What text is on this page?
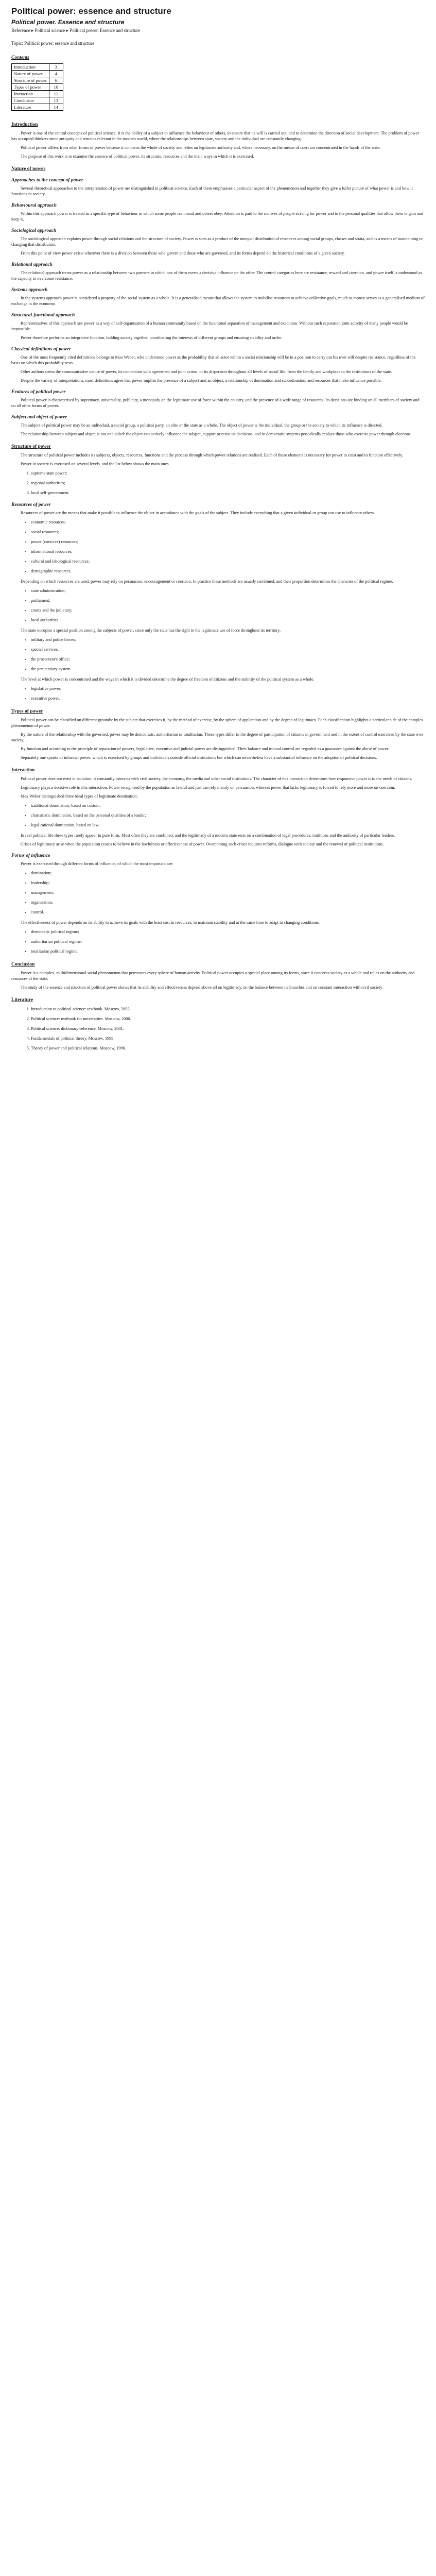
Political power: essence and structure
Political power. Essence and structure
Reference ▸ Political science ▸ Political power. Essence and structure
Topic: Political power: essence and structure
Contents
Introduction	3
Nature of power	4
Structure of power	6
Types of power	10
Interaction	11
Conclusion	13
Literature	14
Introduction

Power is one of the central concepts of political science. It is the ability of a subject to influence the behaviour of others, to ensure that its will is carried out, and to determine the direction of social development. The problem of power has occupied thinkers since antiquity and remains relevant in the modern world, where the relationships between state, society and the individual are constantly changing.

Political power differs from other forms of power because it concerns the whole of society and relies on legitimate authority and, where necessary, on the means of coercion concentrated in the hands of the state.

The purpose of this work is to examine the essence of political power, its structure, resources and the main ways in which it is exercised.

Nature of power
Approaches to the concept of power

Several theoretical approaches to the interpretation of power are distinguished in political science. Each of them emphasises a particular aspect of the phenomenon and together they give a fuller picture of what power is and how it functions in society.

Behavioural approach

Within this approach power is treated as a specific type of behaviour in which some people command and others obey. Attention is paid to the motives of people striving for power and to the personal qualities that allow them to gain and keep it.

Sociological approach

The sociological approach explains power through social relations and the structure of society. Power is seen as a product of the unequal distribution of resources among social groups, classes and strata, and as a means of maintaining or changing that distribution.

From this point of view power exists wherever there is a division between those who govern and those who are governed, and its forms depend on the historical conditions of a given society.

Relational approach

The relational approach treats power as a relationship between two partners in which one of them exerts a decisive influence on the other. The central categories here are resistance, reward and coercion, and power itself is understood as the capacity to overcome resistance.

Systems approach

In the systems approach power is considered a property of the social system as a whole. It is a generalised means that allows the system to mobilise resources to achieve collective goals, much as money serves as a generalised medium of exchange in the economy.

Structural-functional approach

Representatives of this approach see power as a way of self-organisation of a human community based on the functional separation of management and execution. Without such separation joint activity of many people would be impossible.

Power therefore performs an integrative function, holding society together, coordinating the interests of different groups and ensuring stability and order.

Classical definitions of power

One of the most frequently cited definitions belongs to Max Weber, who understood power as the probability that an actor within a social relationship will be in a position to carry out his own will despite resistance, regardless of the basis on which this probability rests.

Other authors stress the communicative nature of power, its connection with agreement and joint action, or its dispersion throughout all levels of social life, from the family and workplace to the institutions of the state.

Despite the variety of interpretations, most definitions agree that power implies the presence of a subject and an object, a relationship of domination and subordination, and resources that make influence possible.

Features of political power

Political power is characterised by supremacy, universality, publicity, a monopoly on the legitimate use of force within the country, and the presence of a wide range of resources. Its decisions are binding on all members of society and on all other forms of power.

Subject and object of power

The subject of political power may be an individual, a social group, a political party, an elite or the state as a whole. The object of power is the individual, the group or the society to which its influence is directed.

The relationship between subject and object is not one-sided: the object can actively influence the subject, support or resist its decisions, and in democratic systems periodically replace those who exercise power through elections.

Structure of power

The structure of political power includes its subjects, objects, resources, functions and the process through which power relations are realised. Each of these elements is necessary for power to exist and to function effectively.

Power in society is exercised on several levels, and the list below shows the main ones.

1. supreme state power;
2. regional authorities;
3. local self-government.
Resources of power

Resources of power are the means that make it possible to influence the object in accordance with the goals of the subject. They include everything that a given individual or group can use to influence others.

• economic resources;
• social resources;
• power (coercive) resources;
• informational resources;
• cultural and ideological resources;
• demographic resources.

Depending on which resources are used, power may rely on persuasion, encouragement or coercion. In practice these methods are usually combined, and their proportion determines the character of the political regime.

• state administration;
• parliament;
• courts and the judiciary;
• local authorities.

The state occupies a special position among the subjects of power, since only the state has the right to the legitimate use of force throughout its territory.

• military and police forces;
• special services;
• the prosecutor's office;
• the penitentiary system.

The level at which power is concentrated and the ways in which it is divided determine the degree of freedom of citizens and the stability of the political system as a whole.

• legislative power;
• executive power.
Types of power

Political power can be classified on different grounds: by the subject that exercises it, by the method of exercise, by the sphere of application and by the degree of legitimacy. Each classification highlights a particular side of the complex phenomenon of power.

By the nature of the relationship with the governed, power may be democratic, authoritarian or totalitarian. These types differ in the degree of participation of citizens in government and in the extent of control exercised by the state over society.

By function and according to the principle of separation of powers, legislative, executive and judicial power are distinguished. Their balance and mutual control are regarded as a guarantee against the abuse of power.

Separately one speaks of informal power, which is exercised by groups and individuals outside official institutions but which can nevertheless have a substantial influence on the adoption of political decisions.

Interaction

Political power does not exist in isolation; it constantly interacts with civil society, the economy, the media and other social institutions. The character of this interaction determines how responsive power is to the needs of citizens.

Legitimacy plays a decisive role in this interaction. Power recognised by the population as lawful and just can rely mainly on persuasion, whereas power that lacks legitimacy is forced to rely more and more on coercion.

Max Weber distinguished three ideal types of legitimate domination:

• traditional domination, based on custom;
• charismatic domination, based on the personal qualities of a leader;
• legal-rational domination, based on law.

In real political life these types rarely appear in pure form. Most often they are combined, and the legitimacy of a modern state rests on a combination of legal procedures, traditions and the authority of particular leaders.

Crises of legitimacy arise when the population ceases to believe in the lawfulness or effectiveness of power. Overcoming such crises requires reforms, dialogue with society and the renewal of political institutions.

Forms of influence

Power is exercised through different forms of influence, of which the most important are:

• domination;
• leadership;
• management;
• organisation;
• control.

The effectiveness of power depends on its ability to achieve its goals with the least cost in resources, to maintain stability and at the same time to adapt to changing conditions.

• democratic political regime;
• authoritarian political regime;
• totalitarian political regime.
Conclusion

Power is a complex, multidimensional social phenomenon that permeates every sphere of human activity. Political power occupies a special place among its forms, since it concerns society as a whole and relies on the authority and resources of the state.

The study of the essence and structure of political power shows that its stability and effectiveness depend above all on legitimacy, on the balance between its branches and on constant interaction with civil society.

Literature
1. Introduction to political science: textbook. Moscow, 2003.
2. Political science: textbook for universities. Moscow, 2000.
3. Political science: dictionary-reference. Moscow, 2001.
4. Fundamentals of political theory. Moscow, 1999.
5. Theory of power and political relations. Moscow, 1996.
